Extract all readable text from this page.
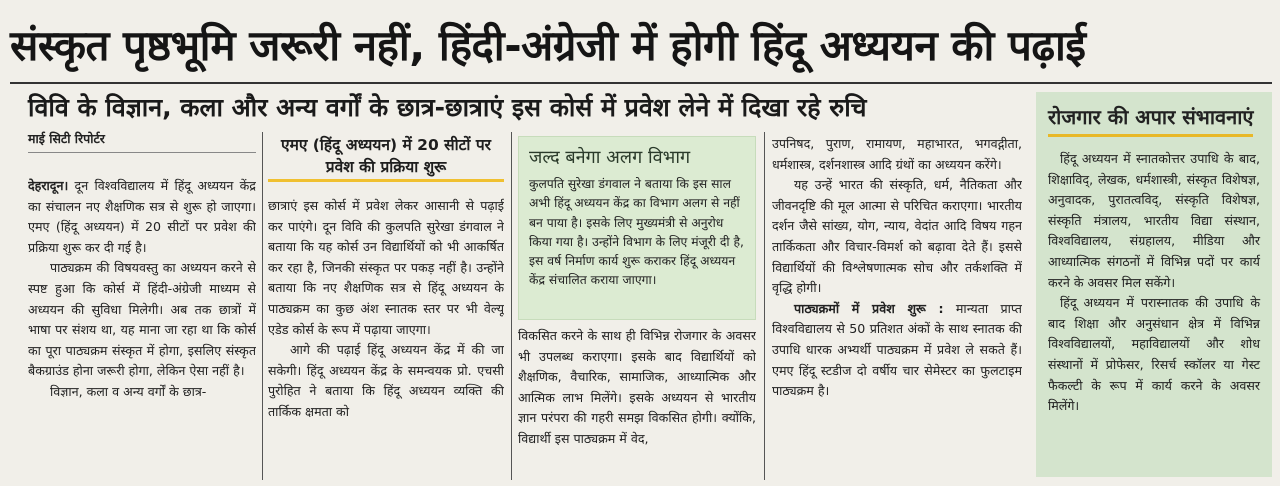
संस्कृत पृष्ठभूमि जरूरी नहीं, हिंदी-अंग्रेजी में होगी हिंदू अध्ययन की पढ़ाई
विवि के विज्ञान, कला और अन्य वर्गों के छात्र-छात्राएं इस कोर्स में प्रवेश लेने में दिखा रहे रुचि
माई सिटी रिपोर्टर

देहरादून। दून विश्वविद्यालय में हिंदू अध्ययन केंद्र का संचालन नए शैक्षणिक सत्र से शुरू हो जाएगा। एमए (हिंदू अध्ययन) में 20 सीटों पर प्रवेश की प्रक्रिया शुरू कर दी गई है।

पाठ्यक्रम की विषयवस्तु का अध्ययन करने से स्पष्ट हुआ कि कोर्स में हिंदी-अंग्रेजी माध्यम से अध्ययन की सुविधा मिलेगी। अब तक छात्रों में भाषा पर संशय था, यह माना जा रहा था कि कोर्स का पूरा पाठ्यक्रम संस्कृत में होगा, इसलिए संस्कृत बैकग्राउंड होना जरूरी होगा, लेकिन ऐसा नहीं है।

विज्ञान, कला व अन्य वर्गों के छात्र-

एमए (हिंदू अध्ययन) में 20 सीटों पर प्रवेश की प्रक्रिया शुरू

छात्राएं इस कोर्स में प्रवेश लेकर आसानी से पढ़ाई कर पाएंगे। दून विवि की कुलपति सुरेखा डंगवाल ने बताया कि यह कोर्स उन विद्यार्थियों को भी आकर्षित कर रहा है, जिनकी संस्कृत पर पकड़ नहीं है। उन्होंने बताया कि नए शैक्षणिक सत्र से हिंदू अध्ययन के पाठ्यक्रम का कुछ अंश स्नातक स्तर पर भी वेल्यू एडेड कोर्स के रूप में पढ़ाया जाएगा।

आगे की पढ़ाई हिंदू अध्ययन केंद्र में की जा सकेगी। हिंदू अध्ययन केंद्र के समन्वयक प्रो. एचसी पुरोहित ने बताया कि हिंदू अध्ययन व्यक्ति की तार्किक क्षमता को

जल्द बनेगा अलग विभाग
कुलपति सुरेखा डंगवाल ने बताया कि इस साल अभी हिंदू अध्ययन केंद्र का विभाग अलग से नहीं बन पाया है। इसके लिए मुख्यमंत्री से अनुरोध किया गया है। उन्होंने विभाग के लिए मंजूरी दी है, इस वर्ष निर्माण कार्य शुरू कराकर हिंदू अध्ययन केंद्र संचालित कराया जाएगा।

विकसित करने के साथ ही विभिन्न रोजगार के अवसर भी उपलब्ध कराएगा। इसके बाद विद्यार्थियों को शैक्षणिक, वैचारिक, सामाजिक, आध्यात्मिक और आत्मिक लाभ मिलेंगे। इसके अध्ययन से भारतीय ज्ञान परंपरा की गहरी समझ विकसित होगी। क्योंकि, विद्यार्थी इस पाठ्यक्रम में वेद,

उपनिषद, पुराण, रामायण, महाभारत, भगवद्गीता, धर्मशास्त्र, दर्शनशास्त्र आदि ग्रंथों का अध्ययन करेंगे।

यह उन्हें भारत की संस्कृति, धर्म, नैतिकता और जीवनदृष्टि की मूल आत्मा से परिचित कराएगा। भारतीय दर्शन जैसे सांख्य, योग, न्याय, वेदांत आदि विषय गहन तार्किकता और विचार-विमर्श को बढ़ावा देते हैं। इससे विद्यार्थियों की विश्लेषणात्मक सोच और तर्कशक्ति में वृद्धि होगी।

पाठ्यक्रमों में प्रवेश शुरू : मान्यता प्राप्त विश्वविद्यालय से 50 प्रतिशत अंकों के साथ स्नातक की उपाधि धारक अभ्यर्थी पाठ्यक्रम में प्रवेश ले सकते हैं। एमए हिंदू स्टडीज दो वर्षीय चार सेमेस्टर का फुलटाइम पाठ्यक्रम है।

रोजगार की अपार संभावनाएं

हिंदू अध्ययन में स्नातकोत्तर उपाधि के बाद, शिक्षाविद्, लेखक, धर्मशास्त्री, संस्कृत विशेषज्ञ, अनुवादक, पुरातत्वविद्, संस्कृति विशेषज्ञ, संस्कृति मंत्रालय, भारतीय विद्या संस्थान, विश्वविद्यालय, संग्रहालय, मीडिया और आध्यात्मिक संगठनों में विभिन्न पदों पर कार्य करने के अवसर मिल सकेंगे।

हिंदू अध्ययन में परास्नातक की उपाधि के बाद शिक्षा और अनुसंधान क्षेत्र में विभिन्न विश्वविद्यालयों, महाविद्यालयों और शोध संस्थानों में प्रोफेसर, रिसर्च स्कॉलर या गेस्ट फैकल्टी के रूप में कार्य करने के अवसर मिलेंगे।
